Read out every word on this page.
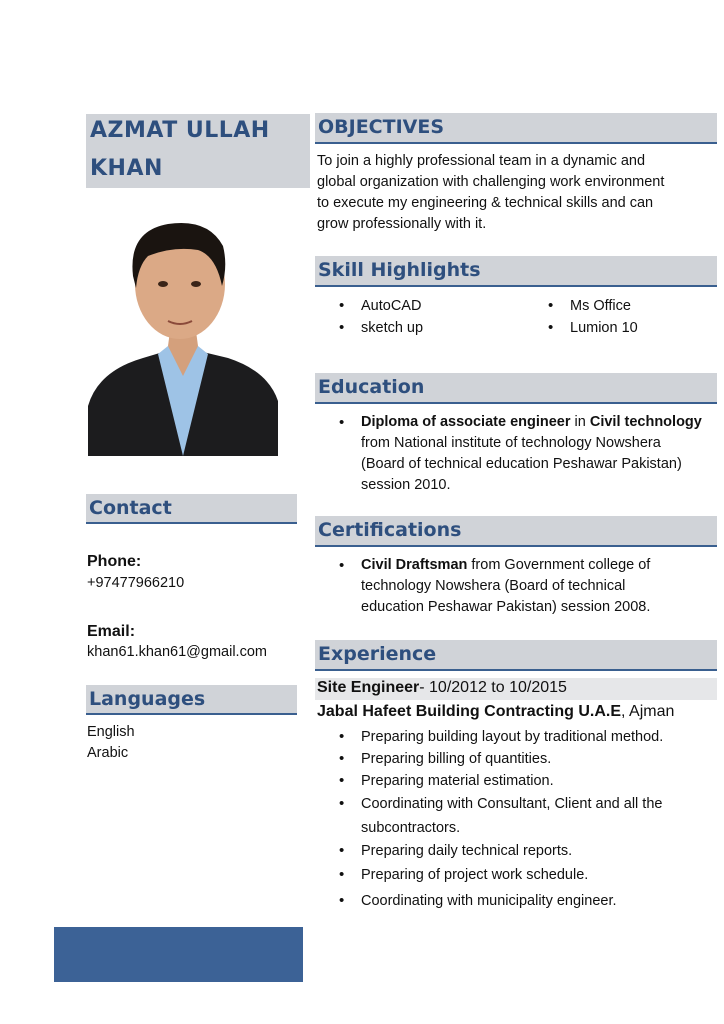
AZMAT ULLAH
KHAN
Contact
Phone:
+97477966210
Email:
khan61.khan61@gmail.com
Languages
English
Arabic
OBJECTIVES
To join a highly professional team in a dynamic and
global organization with challenging work environment
to execute my engineering & technical skills and can
grow professionally with it.
Skill Highlights
• AutoCAD
• sketch up
• Ms Office
• Lumion 10
Education
• Diploma of associate engineer in Civil technology
from National institute of technology Nowshera
(Board of technical education Peshawar Pakistan)
session 2010.
Certifications
• Civil Draftsman from Government college of
technology Nowshera (Board of technical
education Peshawar Pakistan) session 2008.
Experience
Site Engineer- 10/2012 to 10/2015
Jabal Hafeet Building Contracting U.A.E, Ajman
• Preparing building layout by traditional method.
• Preparing billing of quantities.
• Preparing material estimation.
• Coordinating with Consultant, Client and all the subcontractors.
• Preparing daily technical reports.
• Preparing of project work schedule.
• Coordinating with municipality engineer.
